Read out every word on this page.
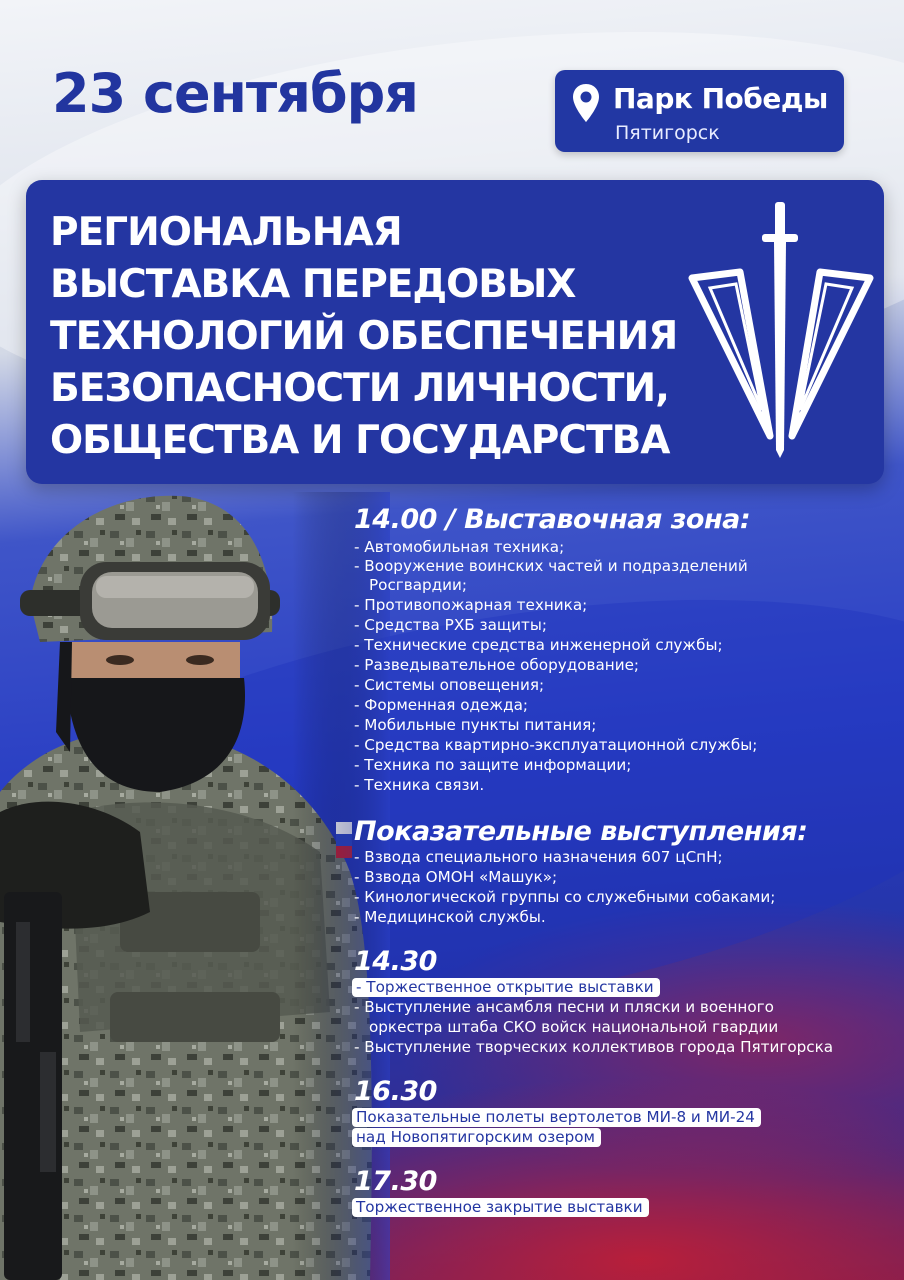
23 сентября	Парк Победы

Пятигорск

РЕГИОНАЛЬНАЯ

ВЫСТАВКА ПЕРЕДОВЫХ

ТЕХНОЛОГИЙ ОБЕСПЕЧЕНИЯ

БЕЗОПАСНОСТИ ЛИЧНОСТИ,

ОБЩЕСТВА И ГОСУДАРСТВА

14.00 / Выставочная зона:

- Автомобильная техника;

- Вооружение воинских частей и подразделений

Росгвардии;

- Противопожарная техника;

- Средства РХБ защиты;

- Технические средства инженерной службы;

- Разведывательное оборудование;

- Системы оповещения;

- Форменная одежда;

- Мобильные пункты питания;

- Средства квартирно-эксплуатационной службы;

- Техника по защите информации;

- Техника связи.

Показательные выступления:

- Взвода специального назначения 607 цСпН;

- Взвода ОМОН «Машук»;

- Кинологической группы со служебными собаками;

- Медицинской службы.

14.30

- Торжественное открытие выставки

- Выступление ансамбля песни и пляски и военного

оркестра штаба СКО войск национальной гвардии

- Выступление творческих коллективов города Пятигорска

16.30

Показательные полеты вертолетов МИ-8 и МИ-24

над Новопятигорским озером

17.30

Торжественное закрытие выставки
